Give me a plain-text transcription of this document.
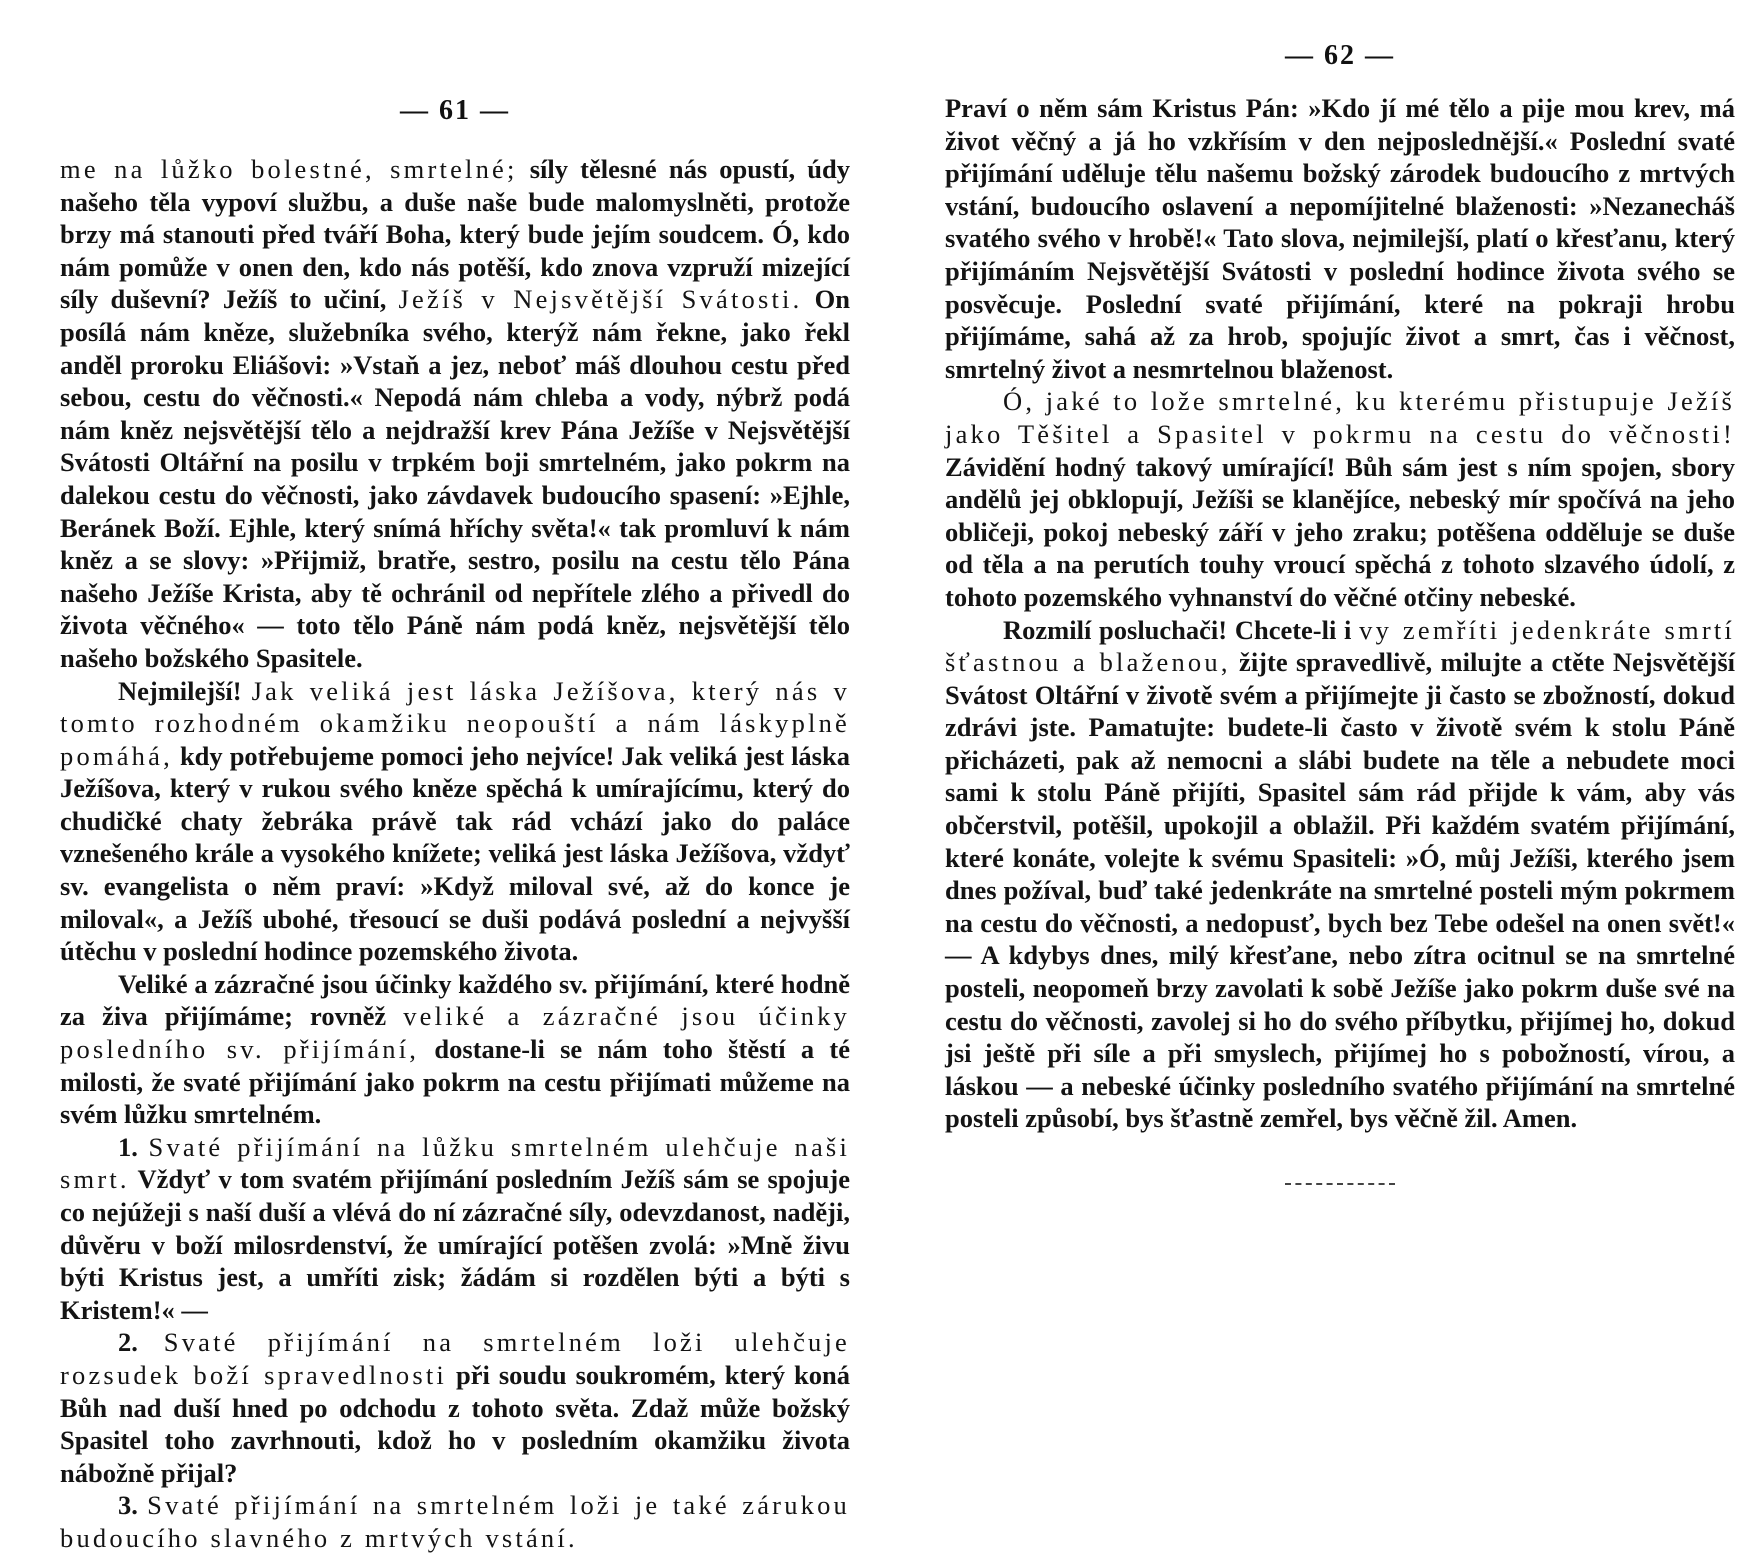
— 61 —

me na lůžko bolestné, smrtelné; síly tělesné nás opustí, údy našeho těla vypoví službu, a duše naše bude malomyslněti, protože brzy má stanouti před tváří Boha, který bude jejím soudcem. Ó, kdo nám pomůže v onen den, kdo nás potěší, kdo znova vzpruží mizející síly duševní? Ježíš to učiní, Ježíš v Nejsvětější Svátosti. On posílá nám kněze, služebníka svého, kterýž nám řekne, jako řekl anděl proroku Eliášovi: »Vstaň a jez, neboť máš dlouhou cestu před sebou, cestu do věčnosti.« Nepodá nám chleba a vody, nýbrž podá nám kněz nejsvětější tělo a nejdražší krev Pána Ježíše v Nejsvětější Svátosti Oltářní na posilu v trpkém boji smrtelném, jako pokrm na dalekou cestu do věčnosti, jako závdavek budoucího spasení: »Ejhle, Beránek Boží. Ejhle, který snímá hříchy světa!« tak promluví k nám kněz a se slovy: »Přijmiž, bratře, sestro, posilu na cestu tělo Pána našeho Ježíše Krista, aby tě ochránil od nepřítele zlého a přivedl do života věčného« — toto tělo Páně nám podá kněz, nejsvětější tělo našeho božského Spasitele.

Nejmilejší! Jak veliká jest láska Ježíšova, který nás v tomto rozhodném okamžiku neopouští a nám láskyplně pomáhá, kdy potřebujeme pomoci jeho nejvíce! Jak veliká jest láska Ježíšova, který v rukou svého kněze spěchá k umírajícímu, který do chudičké chaty žebráka právě tak rád vchází jako do paláce vznešeného krále a vysokého knížete; veliká jest láska Ježíšova, vždyť sv. evangelista o něm praví: »Když miloval své, až do konce je miloval«, a Ježíš ubohé, třesoucí se duši podává poslední a nejvyšší útěchu v poslední hodince pozemského života.

Veliké a zázračné jsou účinky každého sv. přijímání, které hodně za živa přijímáme; rovněž veliké a zázračné jsou účinky posledního sv. přijímání, dostane-li se nám toho štěstí a té milosti, že svaté přijímání jako pokrm na cestu přijímati můžeme na svém lůžku smrtelném.

1. Svaté přijímání na lůžku smrtelném ulehčuje naši smrt. Vždyť v tom svatém přijímání posledním Ježíš sám se spojuje co nejúžeji s naší duší a vlévá do ní zázračné síly, odevzdanost, naději, důvěru v boží milosrdenství, že umírající potěšen zvolá: »Mně živu býti Kristus jest, a umříti zisk; žádám si rozdělen býti a býti s Kristem!« —

2. Svaté přijímání na smrtelném loži ulehčuje rozsudek boží spravedlnosti při soudu soukromém, který koná Bůh nad duší hned po odchodu z tohoto světa. Zdaž může božský Spasitel toho zavrhnouti, kdož ho v posledním okamžiku života nábožně přijal?

3. Svaté přijímání na smrtelném loži je také zárukou budoucího slavného z mrtvých vstání.

— 62 —

Praví o něm sám Kristus Pán: »Kdo jí mé tělo a pije mou krev, má život věčný a já ho vzkřísím v den nejposlednější.« Poslední svaté přijímání uděluje tělu našemu božský zárodek budoucího z mrtvých vstání, budoucího oslavení a nepomíjitelné blaženosti: »Nezanecháš svatého svého v hrobě!« Tato slova, nejmilejší, platí o křesťanu, který přijímáním Nejsvětější Svátosti v poslední hodince života svého se posvěcuje. Poslední svaté přijímání, které na pokraji hrobu přijímáme, sahá až za hrob, spojujíc život a smrt, čas i věčnost, smrtelný život a nesmrtelnou blaženost.

Ó, jaké to lože smrtelné, ku kterému přistupuje Ježíš jako Těšitel a Spasitel v pokrmu na cestu do věčnosti! Závidění hodný takový umírající! Bůh sám jest s ním spojen, sbory andělů jej obklopují, Ježíši se klanějíce, nebeský mír spočívá na jeho obličeji, pokoj nebeský září v jeho zraku; potěšena odděluje se duše od těla a na perutích touhy vroucí spěchá z tohoto slzavého údolí, z tohoto pozemského vyhnanství do věčné otčiny nebeské.

Rozmilí posluchači! Chcete-li i vy zemříti jedenkráte smrtí šťastnou a blaženou, žijte spravedlivě, milujte a ctěte Nejsvětější Svátost Oltářní v životě svém a přijímejte ji často se zbožností, dokud zdrávi jste. Pamatujte: budete-li často v životě svém k stolu Páně přicházeti, pak až nemocni a slábi budete na těle a nebudete moci sami k stolu Páně přijíti, Spasitel sám rád přijde k vám, aby vás občerstvil, potěšil, upokojil a oblažil. Při každém svatém přijímání, které konáte, volejte k svému Spasiteli: »Ó, můj Ježíši, kterého jsem dnes požíval, buď také jedenkráte na smrtelné posteli mým pokrmem na cestu do věčnosti, a nedopusť, bych bez Tebe odešel na onen svět!« — A kdybys dnes, milý křesťane, nebo zítra ocitnul se na smrtelné posteli, neopomeň brzy zavolati k sobě Ježíše jako pokrm duše své na cestu do věčnosti, zavolej si ho do svého příbytku, přijímej ho, dokud jsi ještě při síle a při smyslech, přijímej ho s pobožností, vírou, a láskou — a nebeské účinky posledního svatého přijímání na smrtelné posteli způsobí, bys šťastně zemřel, bys věčně žil. Amen.
